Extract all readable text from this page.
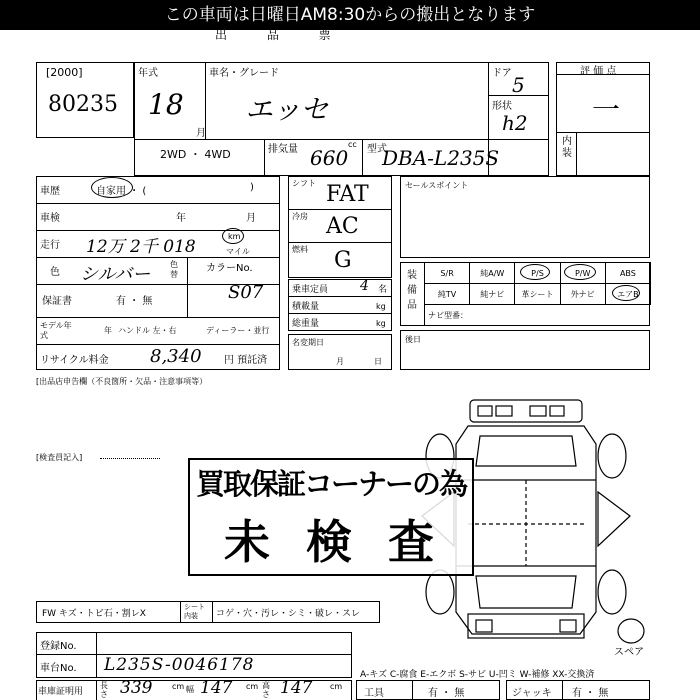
この車両は日曜日AM8:30からの搬出となります
出 品 票
[2000]
80235
年式
18
月
車名・グレード
エッセ
ドア 5
形状
h2
2WD ・ 4WD	排気量 660
cc 型式
DBA-L235S
評 価 点
一
内装
車歴	自家用 ・ (	)
車検	年	月
走行 12万 2千 018
km
マイル
色 シルバー 色替
カラーNo.
S07
保証書	有 ・ 無
モデル年式
年 ハンドル 左・右	ディーラー・並行
リサイクル料金 8,340 円 預託済
シフト FAT
冷房 AC
燃料 G
乗車定員 4 名
積載量	kg
総重量	kg
名変期日
月	日
セールスポイント
装備品
S/R	純A/W	P/S	P/W	ABS
純TV	純ナビ	革シート	外ナビ	エアB
ナビ型番：
後日
[出品店申告欄（不良箇所・欠品・注意事項等）
[検査員記入]
スペア
買取保証コーナーの為
未 検 査
FW キズ・トビ石・割レX
シート内装	コゲ・穴・汚レ・シミ・破レ・スレ
登録No.
車台No. L235S-0046178	A-キズ C-腐食 E-エクボ S-サビ U-凹ミ W-補修 XX-交換済
車庫証明用
長さ 339 cm 幅 147 cm 高さ 147 cm
工具	有 ・ 無	ジャッキ 有 ・ 無
